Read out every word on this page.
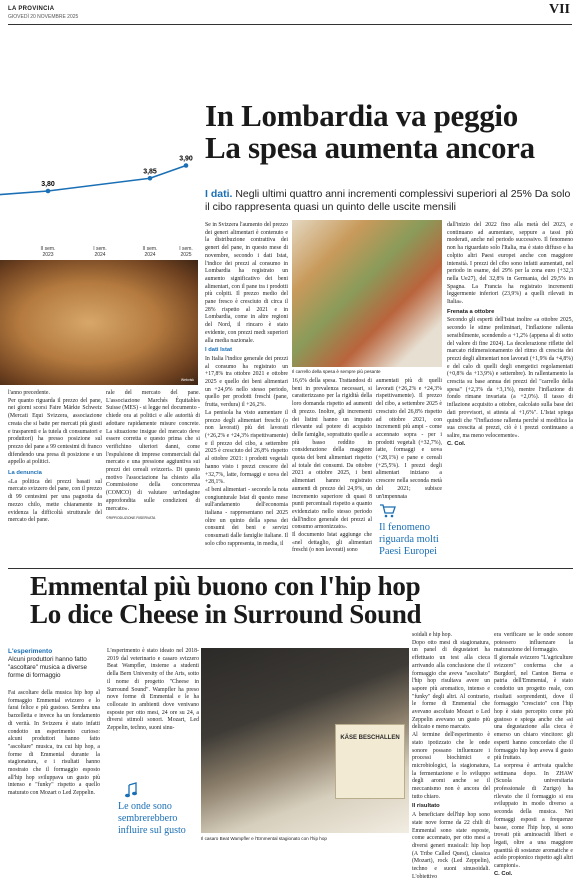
LA PROVINCIA
GIOVEDÌ 20 NOVEMBRE 2025	VII
3,80
3,85
3,90
II sem. 2023
I sem. 2024
II sem. 2024
I sem. 2025
Webvisk
In Lombardia va peggio
La spesa aumenta ancora
I dati. Negli ultimi quattro anni incrementi complessivi superiori al 25% Da solo il cibo rappresenta quasi un quinto delle uscite mensili

l'anno precedente.
Per quanto riguarda il prezzo del pane, nei giorni scorsi Faire Märkte Schweiz (Mercati Equi Svizzera, associazione creata che si batte per mercati più giusti e trasparenti e la tutela di consumatori e produttori) ha presso posizione sul prezzo del pane a 99 centesimi di franco difendendo una presa di posizione e un appello ai politici.

La denuncia

«La politica dei prezzi basati sul mercato svizzero del pane, con il prezzo di 99 centesimi per una pagnotta da mezzo chilo, mette chiaramente in evidenza la difficoltà strutturale del mercato del pane.

rale del mercato del pane. L'associazione Marchés Équitables Suisse (MES) - si legge nel documento - chiede ora ai politici e alle autorità di adottare rapidamente misure concrete. La situazione insigue del mercato deve essere corretta e questo prima che si verifichino ulteriori danni, come l'espulsione di imprese commerciali dal mercato e una pressione aggiuntiva sui prezzi dei cereali svizzeri». Di questo motivo l'associazione ha chiesto alla Commissione della concorrenza (COMCO) di valutare un'indagine approfondita sulle condizioni di mercato».

©RIPRODUZIONE RISERVATA

Se in Svizzera l'aumento del prezzo dei generi alimentari è contenuto e la distribuzione contrattiva dei generi del pane, in questo mese di novembre, secondo i dati Istat, l'indice dei prezzi al consumo in Lombardia ha registrato un aumento significativo dei beni alimentari, con il pane tra i prodotti più colpiti. Il prezzo medio del pane fresco è cresciuto di circa il 28% rispetto al 2021 e in Lombardia, come in altre regioni del Nord, il rincaro è stato evidente, con prezzi medi superiori alla media nazionale.

I dati Istat

In Italia l'indice generale dei prezzi al consumo ha registrato un +17,8% tra ottobre 2021 e ottobre 2025 e quello dei beni alimentari un +24,9% nello stesso periodo, quello per prodotti freschi (pane, frutta, verdura) il +26,2%.
La penisola ha visto aumentare il prezzo degli alimentari freschi (o non lavorati) più dei lavorati (+26,2% e +24,3% rispettivamente) e il prezzo del cibo, a settembre 2025 è cresciuto del 26,8% rispetto al ottobre 2021: i prodotti vegetali hanno visto i prezzi crescere del +32,7%, latte, formaggi e uova del +28,1%.
«I beni alimentari - secondo la nota congiunturale Istat di questo mese sull'andamento dell'economia italiana - rappresentano nel 2025 oltre un quinto della spesa dei consumi dei beni e servizi consumati dalle famiglie italiane. Il solo cibo rappresenta, in media, il

Il carrello della spesa è sempre più pesante

16,6% della spesa. Trattandosi di beni in prevalenza necessari, si caratterizzano per la rigidità della loro domanda rispetto ad aumenti di prezzo. Inoltre, gli incrementi dei listini hanno un impatto rilevante sul potere di acquisto delle famiglie, soprattutto quelle a più basso reddito in considerazione della maggiore quota dei beni alimentari rispetto al totale dei consumi. Da ottobre 2021 a ottobre 2025, i beni alimentari hanno registrato aumenti di prezzo del 24,9%, un incremento superiore di quasi 8 punti percentuali rispetto a quanto evidenziato nello stesso periodo dall'indice generale dei prezzi al consumo armonizzato».
Il documento Istat aggiunge che «nel dettaglio, gli alimentari freschi (o non lavorati) sono

aumentati più di quelli lavorati (+26,2% e +24,3% rispettivamente). Il prezzo del cibo, a settembre 2025 è cresciuto del 26,8% rispetto ad ottobre 2021, con incrementi più ampi - come accennato sopra - per i prodotti vegetali (+32,7%), latte, formaggi e uova (+28,1%) e pane e cereali (+25,5%). I prezzi degli alimentari iniziano a crescere nella seconda metà del 2021; subisce un'impennata

Il fenomeno riguarda molti Paesi Europei

dall'inizio del 2022 fino alla metà del 2023, e continuano ad aumentare, seppure a tassi più moderati, anche nel periodo successivo. Il fenomeno non ha riguardato solo l'Italia, ma è stato diffuso e ha colpito altri Paesi europei anche con maggiore intensità. I prezzi del cibo sono infatti aumentati, nel periodo in esame, del 29% per la zona euro (+32,3 nella Ue27), del 32,8% in Germania, del 29,5% in Spagna. La Francia ha registrato incrementi leggermente inferiori (23,9%) a quelli rilevati in Italia».

Frenata a ottobre

Secondo gli esperti dell'Istat inoltre «a ottobre 2025, secondo le stime preliminari, l'inflazione rallenta sensibilmente, scendendo a +1,2% (appena al di sotto del valore di fine 2024). La decelerazione riflette del marcato ridimensionamento del ritmo di crescita dei prezzi degli alimentari non lavorati (+1,9% da +4,8%) e del calo di quelli degli energetici regolamentati (+0,8% da +13,9%) e settembre). In rallentamento la crescita su base annua dei prezzi del "carrello della spesa" (+2,3% da +3,1%), mentre l'inflazione di fondo rimane invariata (a +2,0%). Il tasso di inflazione acquisito a ottobre, calcolato sulla base dei dati provvisori, si attesta al +1,6%". L'Istat spiega quindi che "l'inflazione rallenta perché si modifica la sua crescita ai prezzi, ciò è i prezzi continuano a salire, ma meno velocemente».

C. Col.

Emmental più buono con l'hip hop
Lo dice Cheese in Surround Sound
L'esperimento
Alcuni produttori hanno fatto "ascoltare" musica a diverse forme di formaggio

Fai ascoltare della musica hip hop al formaggio Emmental svizzero e lo farai felice e più gustoso. Sembra una barzelletta e invece ha un fondamento di verità. In Svizzera è stato infatti condotto un esperimento curioso: alcuni produttori hanno fatto "ascoltare" musica, tra cui hip hop, a forme di Emmental durante la stagionatura, e i risultati hanno mostrato che il formaggio esposto all'hip hop sviluppava un gusto più intenso e "funky" rispetto a quello maturato con Mozart o Led Zeppelin.

L'esperimento è stato ideato nel 2018-2019 dal veterinario e casaro svizzero Beat Wampfler, insieme a studenti della Bern University of the Arts, sotto il nome di progetto "Cheese in Surround Sound". Wampfler ha preso nove forme di Emmental e le ha collocate in ambienti dove venivano esposte per otto mesi, 24 ore su 24, a diversi stimoli sonori. Mozart, Led Zeppelin, techno, suoni sinu-

Le onde sono sembrerebbero influire sul gusto
KÄSE BESCHALLEN
Il casaro Beat Wampfler e l'Emmental stagionato con l'hip hop

soidali e hip hop.
Dopo otto mesi di stagionatura, un panel di degustatori ha effettuato un test alla cieca arrivando alla conclusione che il formaggio che aveva "ascoltato" l'hip hop risultava avere un sapore più aromatico, intenso e "funky" degli altri. Al contrario, le forme di Emmental che avevano ascoltato Mozart o Led Zeppelin avevano un gusto più delicato e meno marcato.
Al termine dell'esperimento è stato ipotizzato che le onde sonore possano influenzare i processi biochimici e microbiologici, la stagionatura, la fermentazione e lo sviluppo degli aromi anche se il meccanismo non è ancora del tutto chiaro.

Il risultato

A beneficiare dell'hip hop sono state nove forme da 22 chili di Emmental sono state esposte, come accennato, per otto mesi a diversi generi musicali: hip hop (A Tribe Called Quest), classica (Mozart), rock (Led Zeppelin), techno e suoni sinusoidali. L'obiettivo

era verificare se le onde sonore potessero influenzare la maturazione del formaggio.
Il giornale svizzero "L'agriculture svizzero" conferma che a Burgdorf, nel Canton Berna e patria dell'Emmental, è stato condotto un progetto reale, con risultati sorprendenti, dove il formaggio "cresciuto" con l'hip hop è stato percepito come più gustoso e spiega anche che «si una degustazione alla cieca è emerso un chiaro vincitore: gli esperti hanno concordato che il formaggio hip hop aveva il gusto più fruttato.
La sorpresa è arrivata qualche settimana dopo. In ZHAW (Scuola universitaria professionale di Zurigo) ha rilevato che il formaggio si era sviluppato in modo diverso a seconda della musica. Nei formaggi esposti a frequenze basse, come l'hip hop, si sono trovati più aminoacidi liberi e legati, oltre a una maggiore quantità di sostanze aromatiche e acido propionico rispetto agli altri campioni».

C. Col.
